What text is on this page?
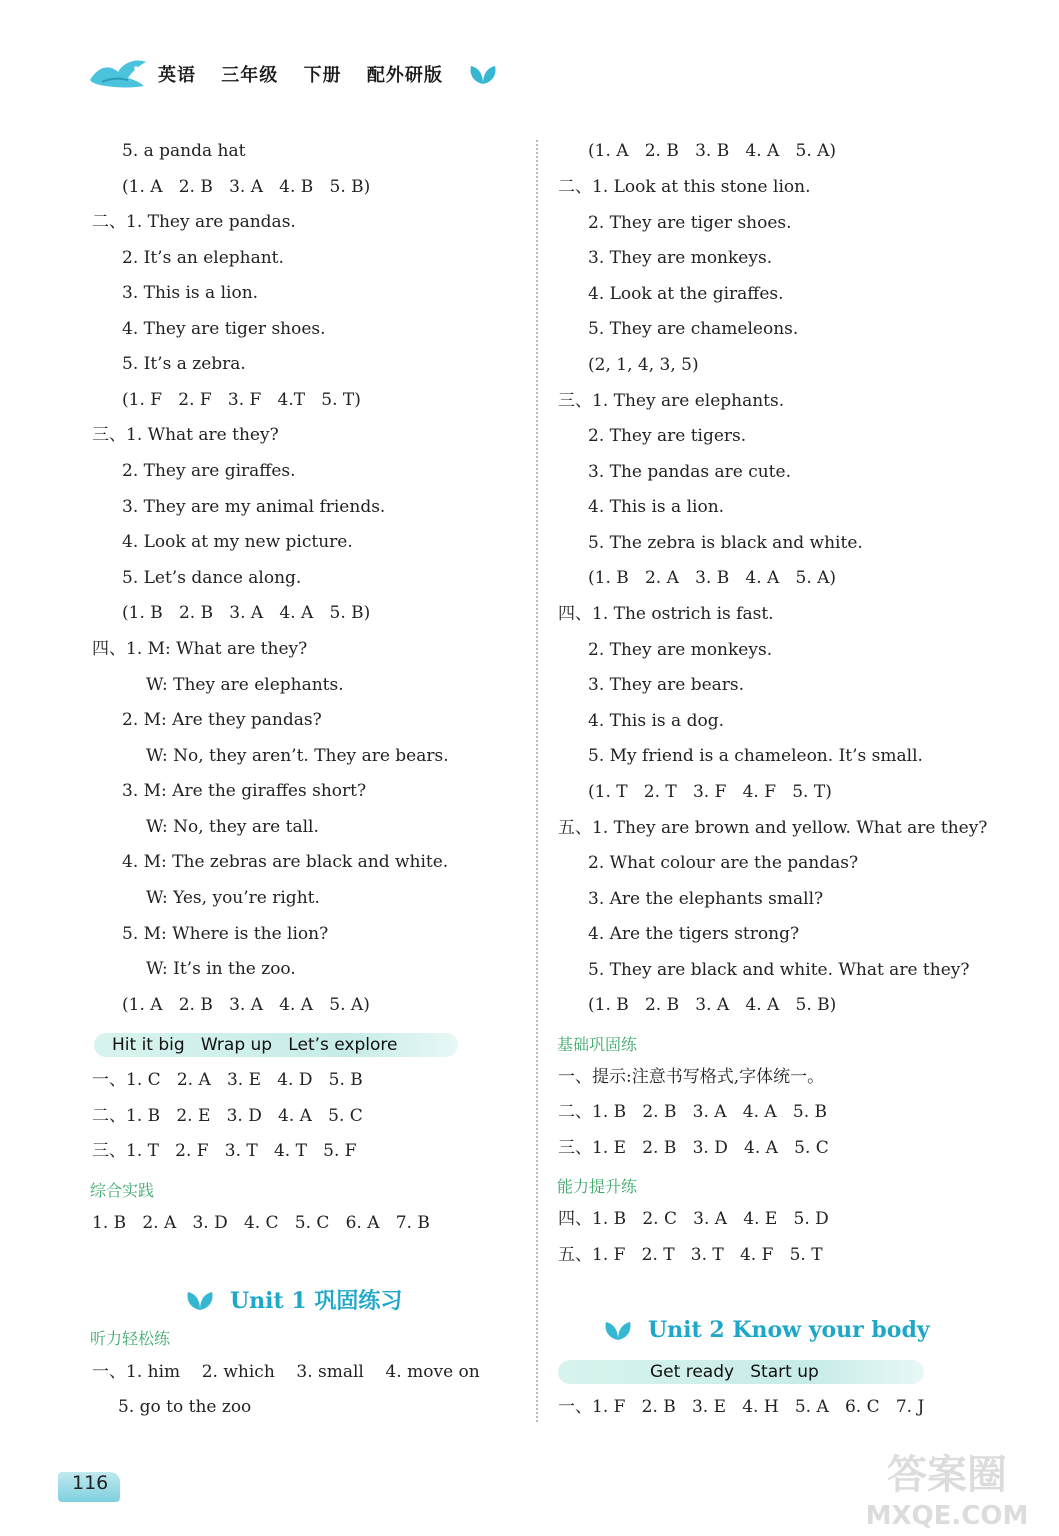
英语 三年级 下册 配外研版
5. a panda hat
(1. A   2. B   3. A   4. B   5. B)
二、1. They are pandas.
2. It’s an elephant.
3. This is a lion.
4. They are tiger shoes.
5. It’s a zebra.
(1. F   2. F   3. F   4.T   5. T)
三、1. What are they?
2. They are giraffes.
3. They are my animal friends.
4. Look at my new picture.
5. Let’s dance along.
(1. B   2. B   3. A   4. A   5. B)
四、1. M: What are they?
W: They are elephants.
2. M: Are they pandas?
W: No, they aren’t. They are bears.
3. M: Are the giraffes short?
W: No, they are tall.
4. M: The zebras are black and white.
W: Yes, you’re right.
5. M: Where is the lion?
W: It’s in the zoo.
(1. A   2. B   3. A   4. A   5. A)
Hit it big   Wrap up   Let’s explore
一、1. C   2. A   3. E   4. D   5. B
二、1. B   2. E   3. D   4. A   5. C
三、1. T   2. F   3. T   4. T   5. F
综合实践
1. B   2. A   3. D   4. C   5. C   6. A   7. B
Unit 1 巩固练习
听力轻松练
一、1. him    2. which    3. small    4. move on
5. go to the zoo
(1. A   2. B   3. B   4. A   5. A)
二、1. Look at this stone lion.
2. They are tiger shoes.
3. They are monkeys.
4. Look at the giraffes.
5. They are chameleons.
(2, 1, 4, 3, 5)
三、1. They are elephants.
2. They are tigers.
3. The pandas are cute.
4. This is a lion.
5. The zebra is black and white.
(1. B   2. A   3. B   4. A   5. A)
四、1. The ostrich is fast.
2. They are monkeys.
3. They are bears.
4. This is a dog.
5. My friend is a chameleon. It’s small.
(1. T   2. T   3. F   4. F   5. T)
五、1. They are brown and yellow. What are they?
2. What colour are the pandas?
3. Are the elephants small?
4. Are the tigers strong?
5. They are black and white. What are they?
(1. B   2. B   3. A   4. A   5. B)
基础巩固练
一、提示:注意书写格式,字体统一。
二、1. B   2. B   3. A   4. A   5. B
三、1. E   2. B   3. D   4. A   5. C
能力提升练
四、1. B   2. C   3. A   4. E   5. D
五、1. F   2. T   3. T   4. F   5. T
Unit 2 Know your body
Get ready   Start up
一、1. F   2. B   3. E   4. H   5. A   6. C   7. J
116	答案圈
MXQE.COM
